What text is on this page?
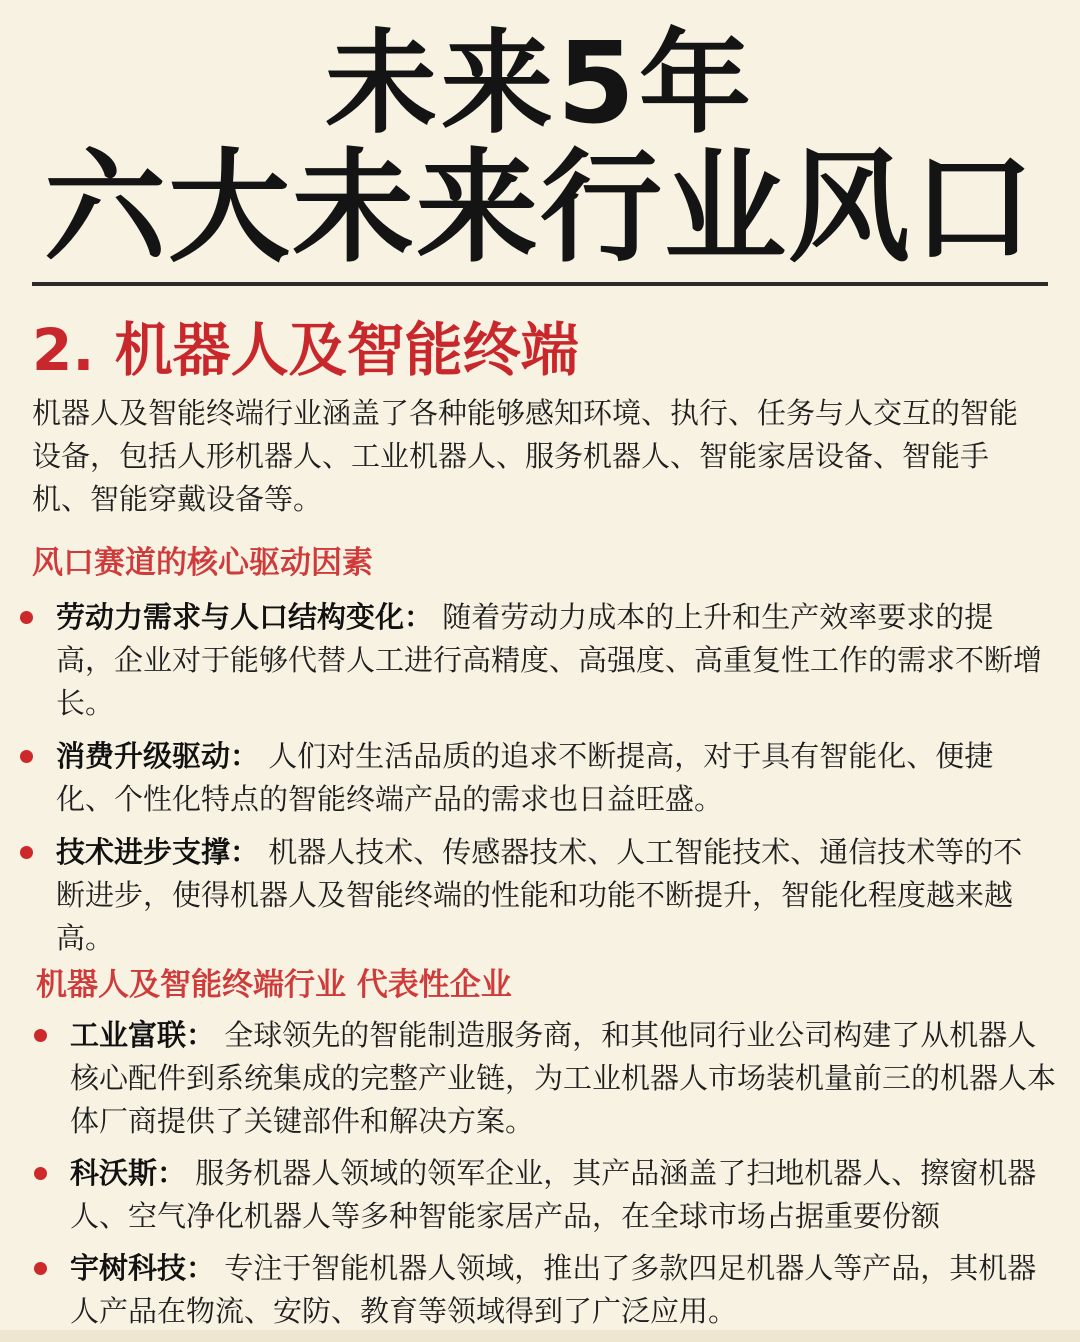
未来5年
六大未来行业风口
2. 机器人及智能终端
机器人及智能终端行业涵盖了各种能够感知环境、执行、任务与人交互的智能设备，包括人形机器人、工业机器人、服务机器人、智能家居设备、智能手机、智能穿戴设备等。
风口赛道的核心驱动因素
劳动力需求与人口结构变化： 随着劳动力成本的上升和生产效率要求的提高，企业对于能够代替人工进行高精度、高强度、高重复性工作的需求不断增长。
消费升级驱动： 人们对生活品质的追求不断提高，对于具有智能化、便捷化、个性化特点的智能终端产品的需求也日益旺盛。
技术进步支撑： 机器人技术、传感器技术、人工智能技术、通信技术等的不断进步，使得机器人及智能终端的性能和功能不断提升，智能化程度越来越高。
机器人及智能终端行业 代表性企业
工业富联： 全球领先的智能制造服务商，和其他同行业公司构建了从机器人核心配件到系统集成的完整产业链，为工业机器人市场装机量前三的机器人本体厂商提供了关键部件和解决方案。
科沃斯： 服务机器人领域的领军企业，其产品涵盖了扫地机器人、擦窗机器人、空气净化机器人等多种智能家居产品，在全球市场占据重要份额
宇树科技： 专注于智能机器人领域，推出了多款四足机器人等产品，其机器人产品在物流、安防、教育等领域得到了广泛应用。
